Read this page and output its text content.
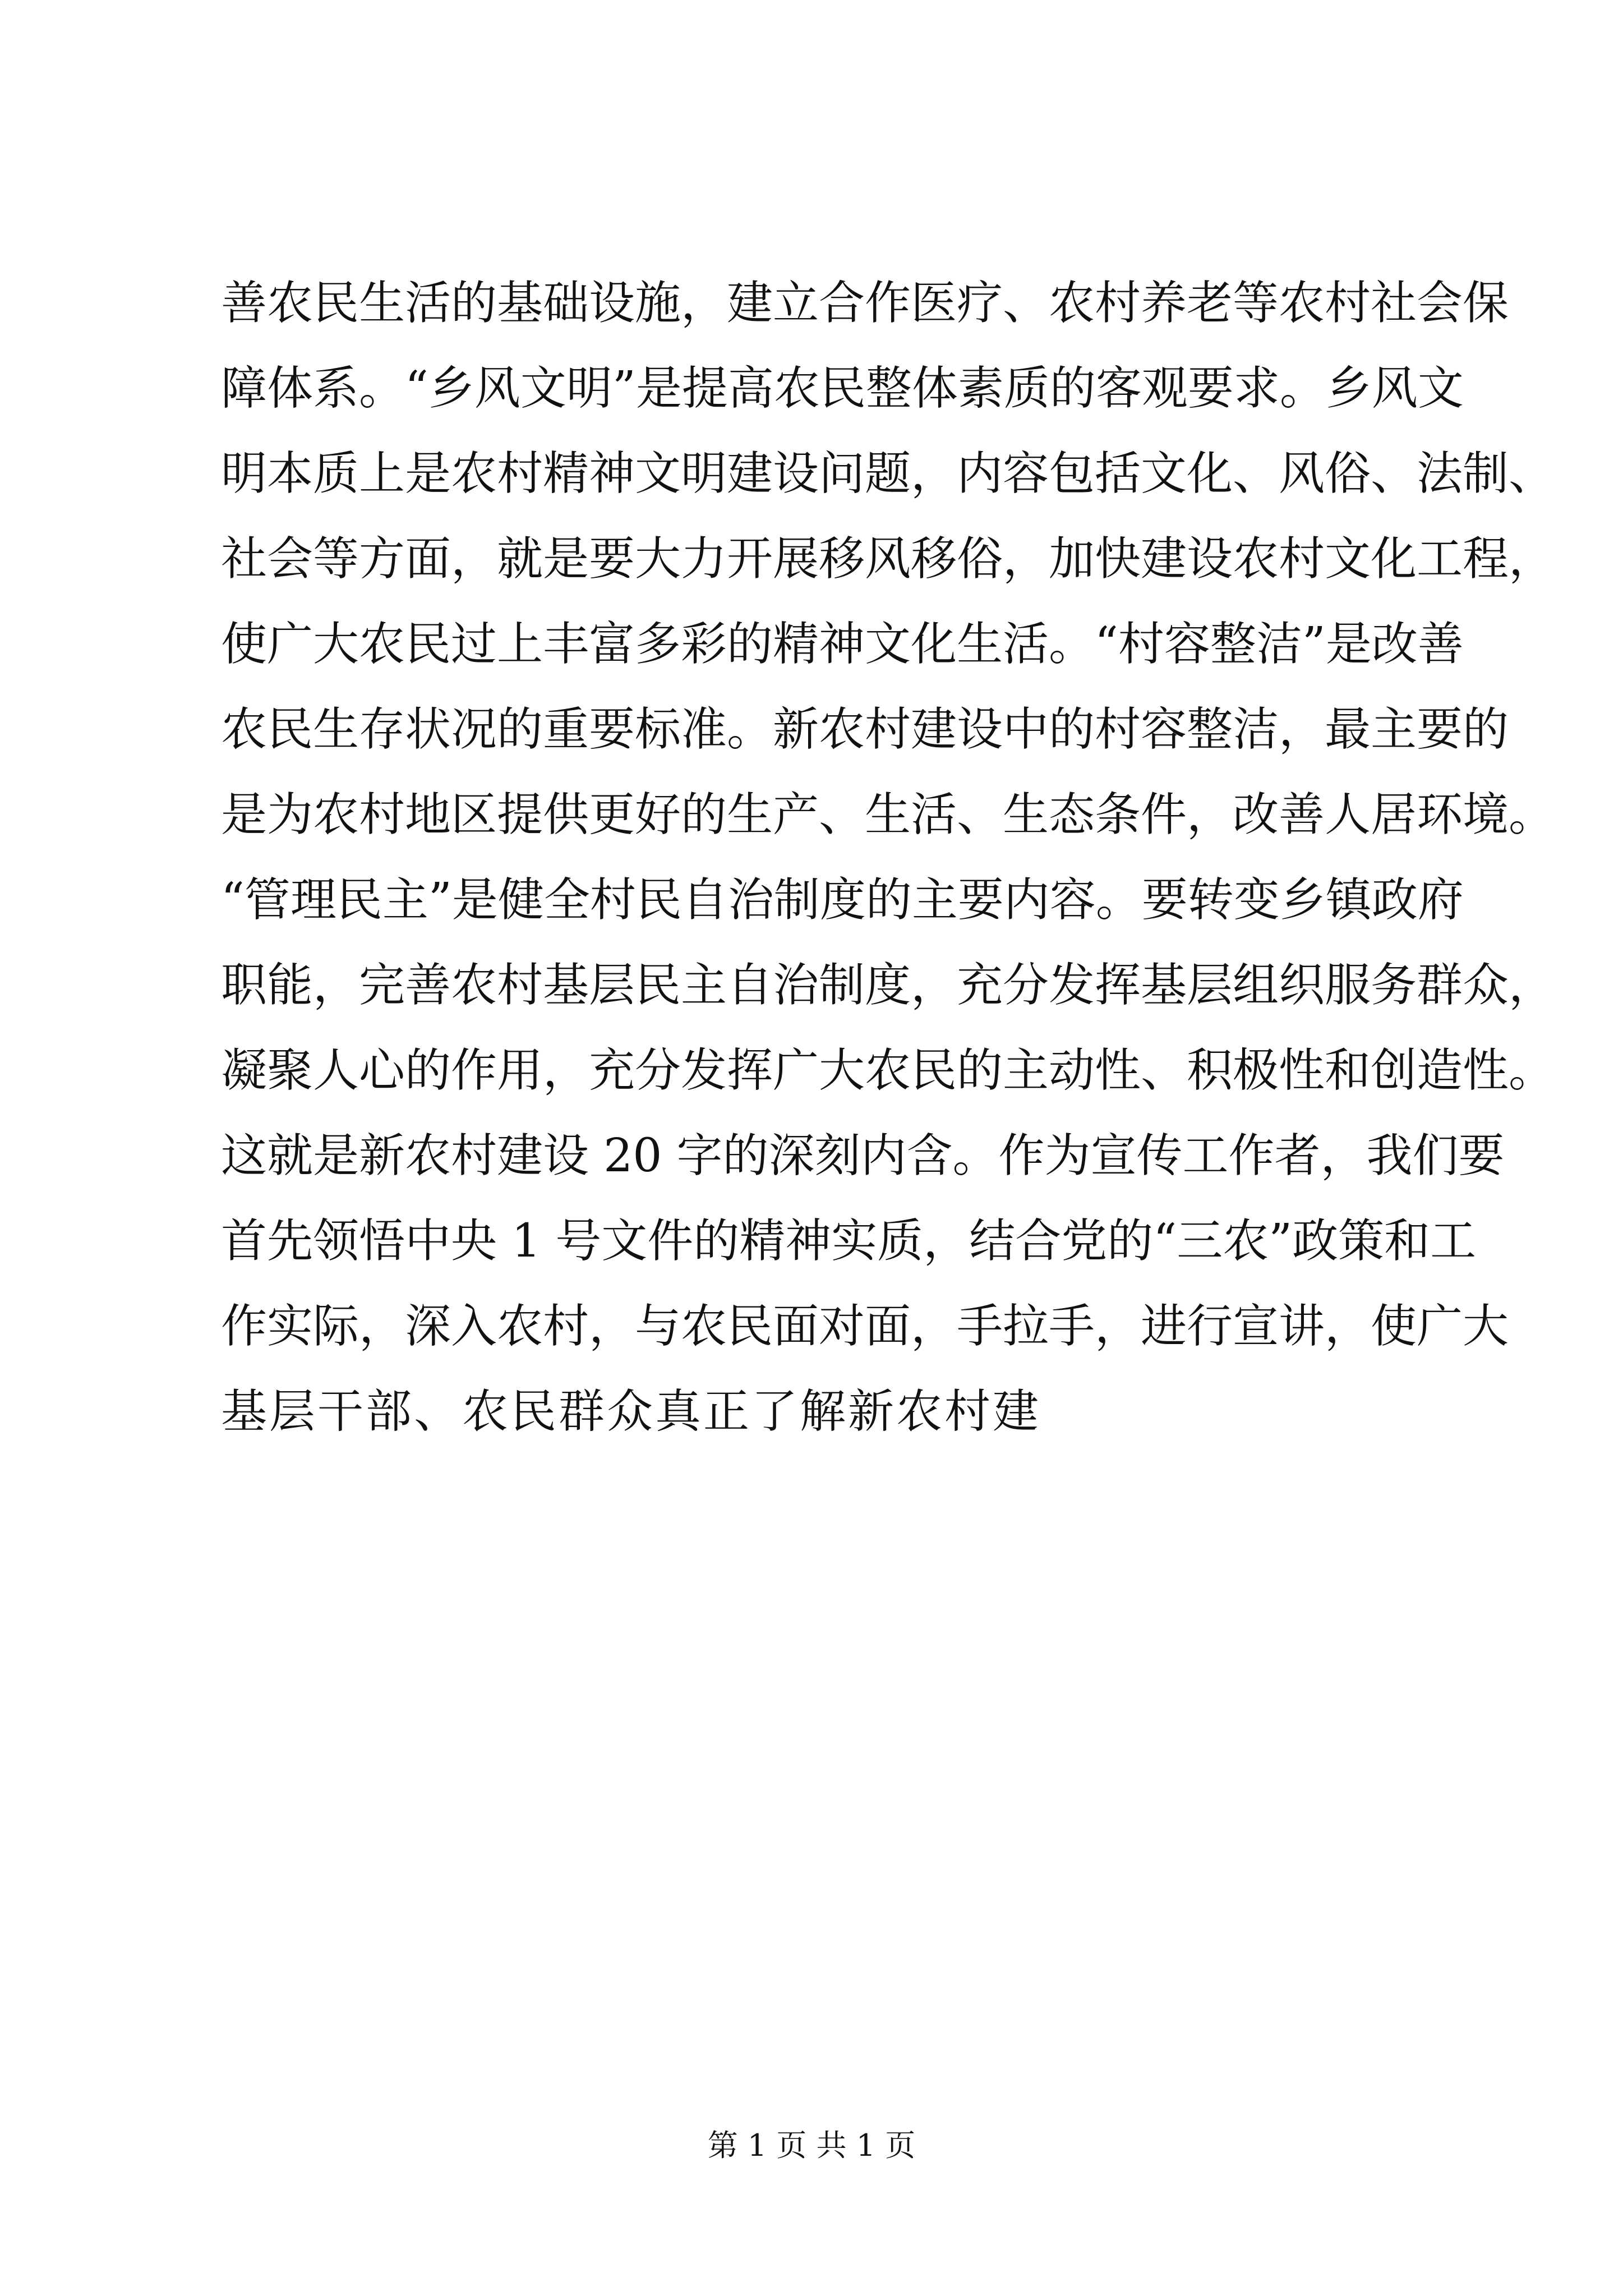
善农民生活的基础设施，建立合作医疗、农村养老等农村社会保
障体系。“乡风文明”是提高农民整体素质的客观要求。乡风文
明本质上是农村精神文明建设问题，内容包括文化、风俗、法制、
社会等方面，就是要大力开展移风移俗，加快建设农村文化工程，
使广大农民过上丰富多彩的精神文化生活。“村容整洁”是改善
农民生存状况的重要标准。新农村建设中的村容整洁，最主要的
是为农村地区提供更好的生产、生活、生态条件，改善人居环境。
“管理民主”是健全村民自治制度的主要内容。要转变乡镇政府
职能，完善农村基层民主自治制度，充分发挥基层组织服务群众，
凝聚人心的作用，充分发挥广大农民的主动性、积极性和创造性。
这就是新农村建设 20 字的深刻内含。作为宣传工作者，我们要
首先领悟中央 1 号文件的精神实质，结合党的“三农”政策和工
作实际，深入农村，与农民面对面，手拉手，进行宣讲，使广大
基层干部、农民群众真正了解新农村建
第 1 页 共 1 页
